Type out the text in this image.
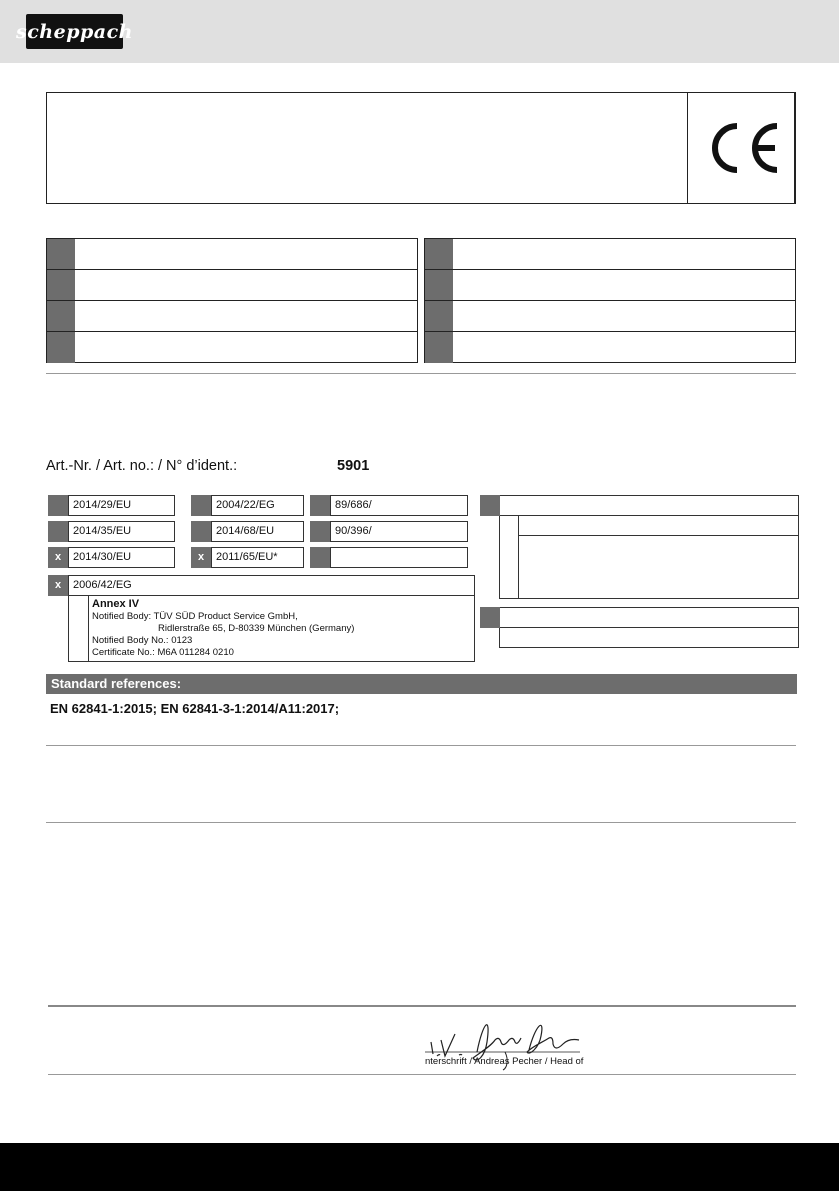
scheppach
Art.-Nr. / Art. no.: / N° d’ident.:	5901
2014/29/EU
2014/35/EU
2014/30/EU
x
2004/22/EG
2014/68/EU
2011/65/EU*
x
89/686/
90/396/
2006/42/EG
x
Annex IV
Notified Body: TÜV SÜD Product Service GmbH,
Ridlerstraße 65, D-80339 München (Germany)
Notified Body No.: 0123
Certificate No.: M6A 011284 0210
Standard references:
EN 62841-1:2015; EN 62841-3-1:2014/A11:2017;
nterschrift / Andreas Pecher / Head of
